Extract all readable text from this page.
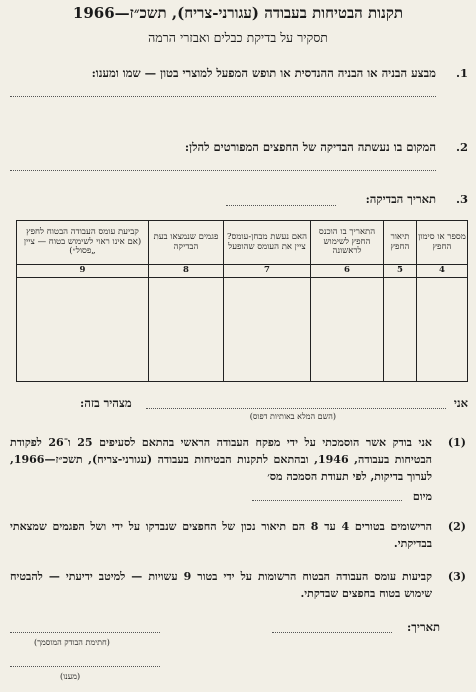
תקנות הבטיחות בעבודה (עגורני-צריח), תשכ״ז—1966
תסקיר על בדיקת כבלים ואבזרי הרמה
1.
מבצע הבניה או הבניה ההנדסית או תופש המפעל למוצרי בטון — שמו ומענו:
2.
המקום בו נעשתה הבדיקה של החפצים המפורטים להלן:
3.
תאריך הבדיקה:
מספר או סימון החפץ	תיאור החפץ	התאריך בו הוכנס החפץ לשימוש לראשונה	האם נעשת מבחן-עומס? ציין את העומס שהופעל	פגמים שנמצאו בעת הבדיקה	קביעת עומס העבודה הבטוח לחפץ (אם אינו ראוי לשימוש בטוח — ציין „פסול״)
4	5	6	7	8	9

אני
מצהיר בזה:
(השם המלא באותיות דפוס)
(1)
אני בודק אשר הוסמכתי על ידי מפקח העבודה הראשי בהתאם לסעיפים 25 ו־26 לפקודת הבטיחות בעבודה, 1946, ובהתאם לתקנות הבטיחות בעבודה (עגורני-צריח), תשכ״ז—1966, לערוך בדיקות, לפי תעודת הסמכה מס׳
מיום
(2)
הרישומים בטורים 4 עד 8 הם תיאור נכון של החפצים שנבדקו על ידי ושל הפגמים שמצאתי בבדיקתי.
(3)
קביעות עומס העבודה הבטוח הרשומות על ידי בטור 9 עשויות — למיטב ידיעתי — להבטיח שימוש בטוח בחפצים שבדקתי.
תאריך:
(חתימת הבודק המוסמך)
(מענו)
